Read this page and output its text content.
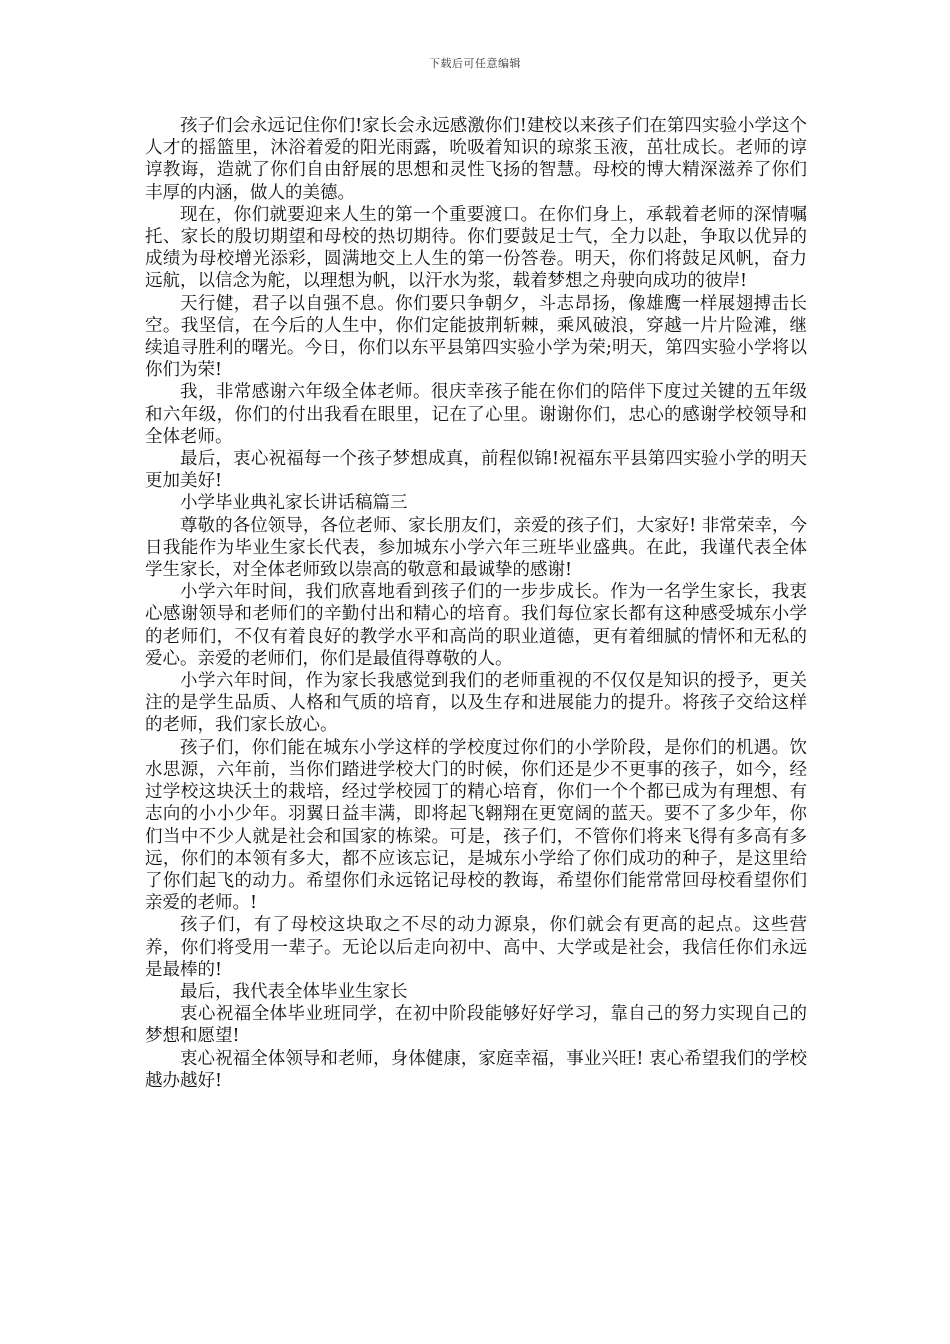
下载后可任意编辑

孩子们会永远记住你们!家长会永远感激你们!建校以来孩子们在第四实验小学这个人才的摇篮里，沐浴着爱的阳光雨露，吮吸着知识的琼浆玉液，茁壮成长。老师的谆谆教诲，造就了你们自由舒展的思想和灵性飞扬的智慧。母校的博大精深滋养了你们丰厚的内涵，做人的美德。

现在，你们就要迎来人生的第一个重要渡口。在你们身上，承载着老师的深情嘱托、家长的殷切期望和母校的热切期待。你们要鼓足士气，全力以赴，争取以优异的成绩为母校增光添彩，圆满地交上人生的第一份答卷。明天，你们将鼓足风帆，奋力远航，以信念为舵，以理想为帆，以汗水为浆，载着梦想之舟驶向成功的彼岸!

天行健，君子以自强不息。你们要只争朝夕，斗志昂扬，像雄鹰一样展翅搏击长空。我坚信，在今后的人生中，你们定能披荆斩棘，乘风破浪，穿越一片片险滩，继续追寻胜利的曙光。今日，你们以东平县第四实验小学为荣;明天，第四实验小学将以你们为荣!

我，非常感谢六年级全体老师。很庆幸孩子能在你们的陪伴下度过关键的五年级和六年级，你们的付出我看在眼里，记在了心里。谢谢你们，忠心的感谢学校领导和全体老师。

最后，衷心祝福每一个孩子梦想成真，前程似锦!祝福东平县第四实验小学的明天更加美好!

小学毕业典礼家长讲话稿篇三

尊敬的各位领导，各位老师、家长朋友们，亲爱的孩子们，大家好! 非常荣幸，今日我能作为毕业生家长代表，参加城东小学六年三班毕业盛典。在此，我谨代表全体学生家长，对全体老师致以崇高的敬意和最诚挚的感谢!

小学六年时间，我们欣喜地看到孩子们的一步步成长。作为一名学生家长，我衷心感谢领导和老师们的辛勤付出和精心的培育。我们每位家长都有这种感受城东小学的老师们，不仅有着良好的教学水平和高尚的职业道德，更有着细腻的情怀和无私的爱心。亲爱的老师们，你们是最值得尊敬的人。

小学六年时间，作为家长我感觉到我们的老师重视的不仅仅是知识的授予，更关注的是学生品质、人格和气质的培育，以及生存和进展能力的提升。将孩子交给这样的老师，我们家长放心。

孩子们，你们能在城东小学这样的学校度过你们的小学阶段，是你们的机遇。饮水思源，六年前，当你们踏进学校大门的时候，你们还是少不更事的孩子，如今，经过学校这块沃土的栽培，经过学校园丁的精心培育，你们一个个都已成为有理想、有志向的小小少年。羽翼日益丰满，即将起飞翱翔在更宽阔的蓝天。要不了多少年，你们当中不少人就是社会和国家的栋梁。可是，孩子们，不管你们将来飞得有多高有多远，你们的本领有多大，都不应该忘记，是城东小学给了你们成功的种子，是这里给了你们起飞的动力。希望你们永远铭记母校的教诲，希望你们能常常回母校看望你们亲爱的老师。!

孩子们，有了母校这块取之不尽的动力源泉，你们就会有更高的起点。这些营养，你们将受用一辈子。无论以后走向初中、高中、大学或是社会，我信任你们永远是最棒的!

最后，我代表全体毕业生家长

衷心祝福全体毕业班同学，在初中阶段能够好好学习，靠自己的努力实现自己的梦想和愿望!

衷心祝福全体领导和老师，身体健康，家庭幸福，事业兴旺! 衷心希望我们的学校越办越好!
